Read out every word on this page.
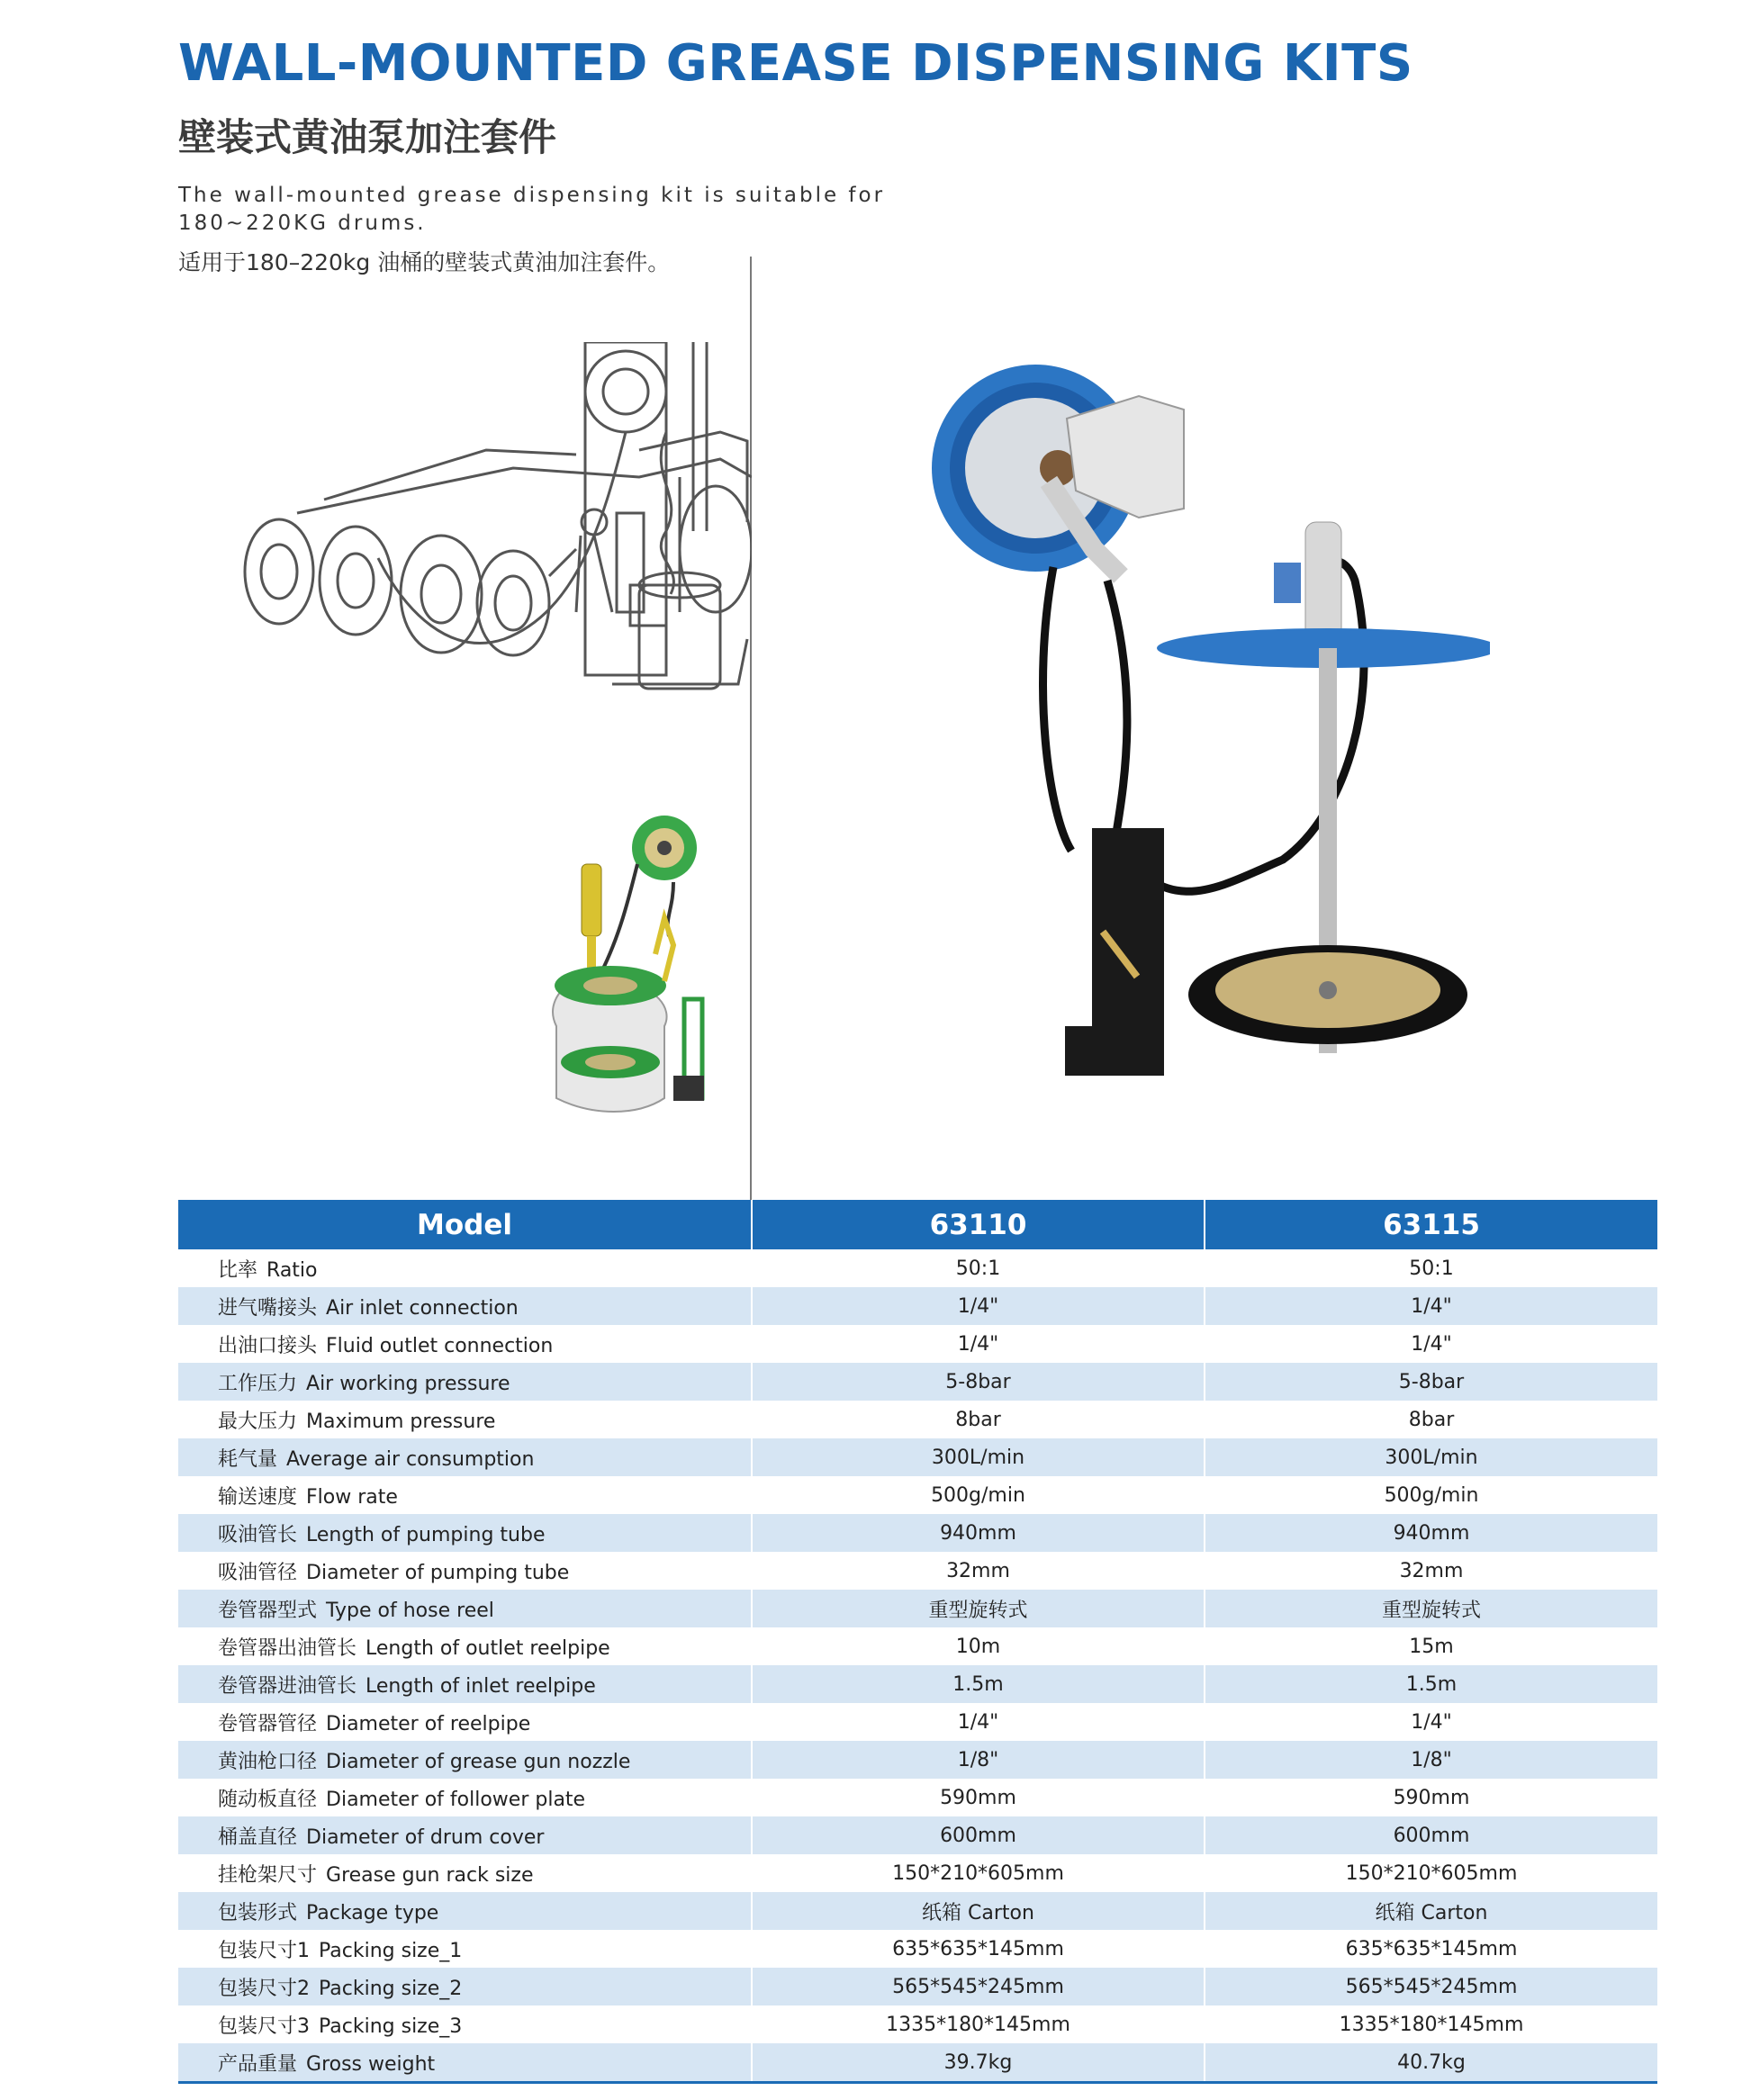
WALL-MOUNTED GREASE DISPENSING KITS
壁装式黄油泵加注套件

The wall-mounted grease dispensing kit is suitable for 180~220KG drums.

适用于180–220kg 油桶的壁装式黄油加注套件。

Model	63110	63115
比率 Ratio	50:1	50:1
进气嘴接头 Air inlet connection	1/4"	1/4"
出油口接头 Fluid outlet connection	1/4"	1/4"
工作压力 Air working pressure	5-8bar	5-8bar
最大压力 Maximum pressure	8bar	8bar
耗气量 Average air consumption	300L/min	300L/min
输送速度 Flow rate	500g/min	500g/min
吸油管长 Length of pumping tube	940mm	940mm
吸油管径 Diameter of pumping tube	32mm	32mm
卷管器型式 Type of hose reel	重型旋转式	重型旋转式
卷管器出油管长 Length of outlet reelpipe	10m	15m
卷管器进油管长 Length of inlet reelpipe	1.5m	1.5m
卷管器管径 Diameter of reelpipe	1/4"	1/4"
黄油枪口径 Diameter of grease gun nozzle	1/8"	1/8"
随动板直径 Diameter of follower plate	590mm	590mm
桶盖直径 Diameter of drum cover	600mm	600mm
挂枪架尺寸 Grease gun rack size	150*210*605mm	150*210*605mm
包装形式 Package type	纸箱 Carton	纸箱 Carton
包装尺寸1 Packing size_1	635*635*145mm	635*635*145mm
包装尺寸2 Packing size_2	565*545*245mm	565*545*245mm
包装尺寸3 Packing size_3	1335*180*145mm	1335*180*145mm
产品重量 Gross weight	39.7kg	40.7kg
